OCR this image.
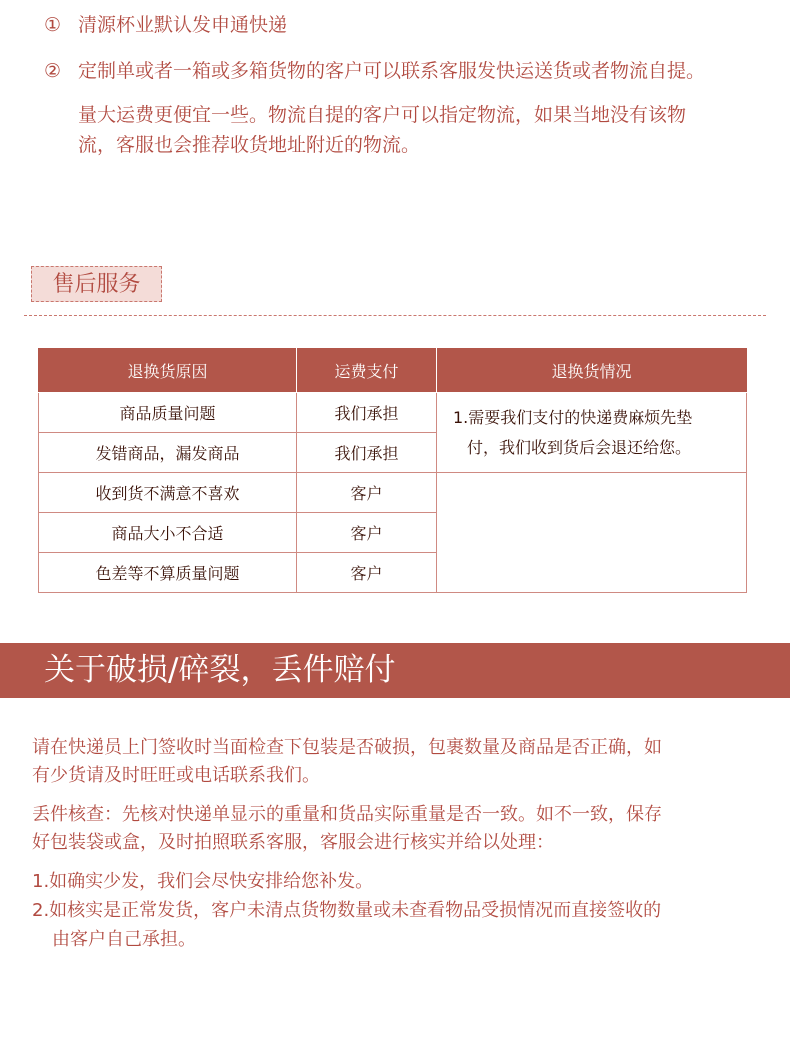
① 清源杯业默认发申通快递

② 定制单或者一箱或多箱货物的客户可以联系客服发快运送货或者物流自提。

量大运费更便宜一些。物流自提的客户可以指定物流，如果当地没有该物

流，客服也会推荐收货地址附近的物流。

售后服务
退换货原因	运费支付	退换货情况
商品质量问题	我们承担	1.需要我们支付的快递费麻烦先垫
付，我们收到货后会退还给您。
发错商品，漏发商品	我们承担	
收到货不满意不喜欢	客户	
商品大小不合适	客户	
色差等不算质量问题	客户	
关于破损/碎裂，丢件赔付

请在快递员上门签收时当面检查下包装是否破损，包裹数量及商品是否正确，如

有少货请及时旺旺或电话联系我们。

丢件核查：先核对快递单显示的重量和货品实际重量是否一致。如不一致，保存

好包装袋或盒，及时拍照联系客服，客服会进行核实并给以处理：

1.如确实少发，我们会尽快安排给您补发。

2.如核实是正常发货，客户未清点货物数量或未查看物品受损情况而直接签收的

由客户自己承担。
